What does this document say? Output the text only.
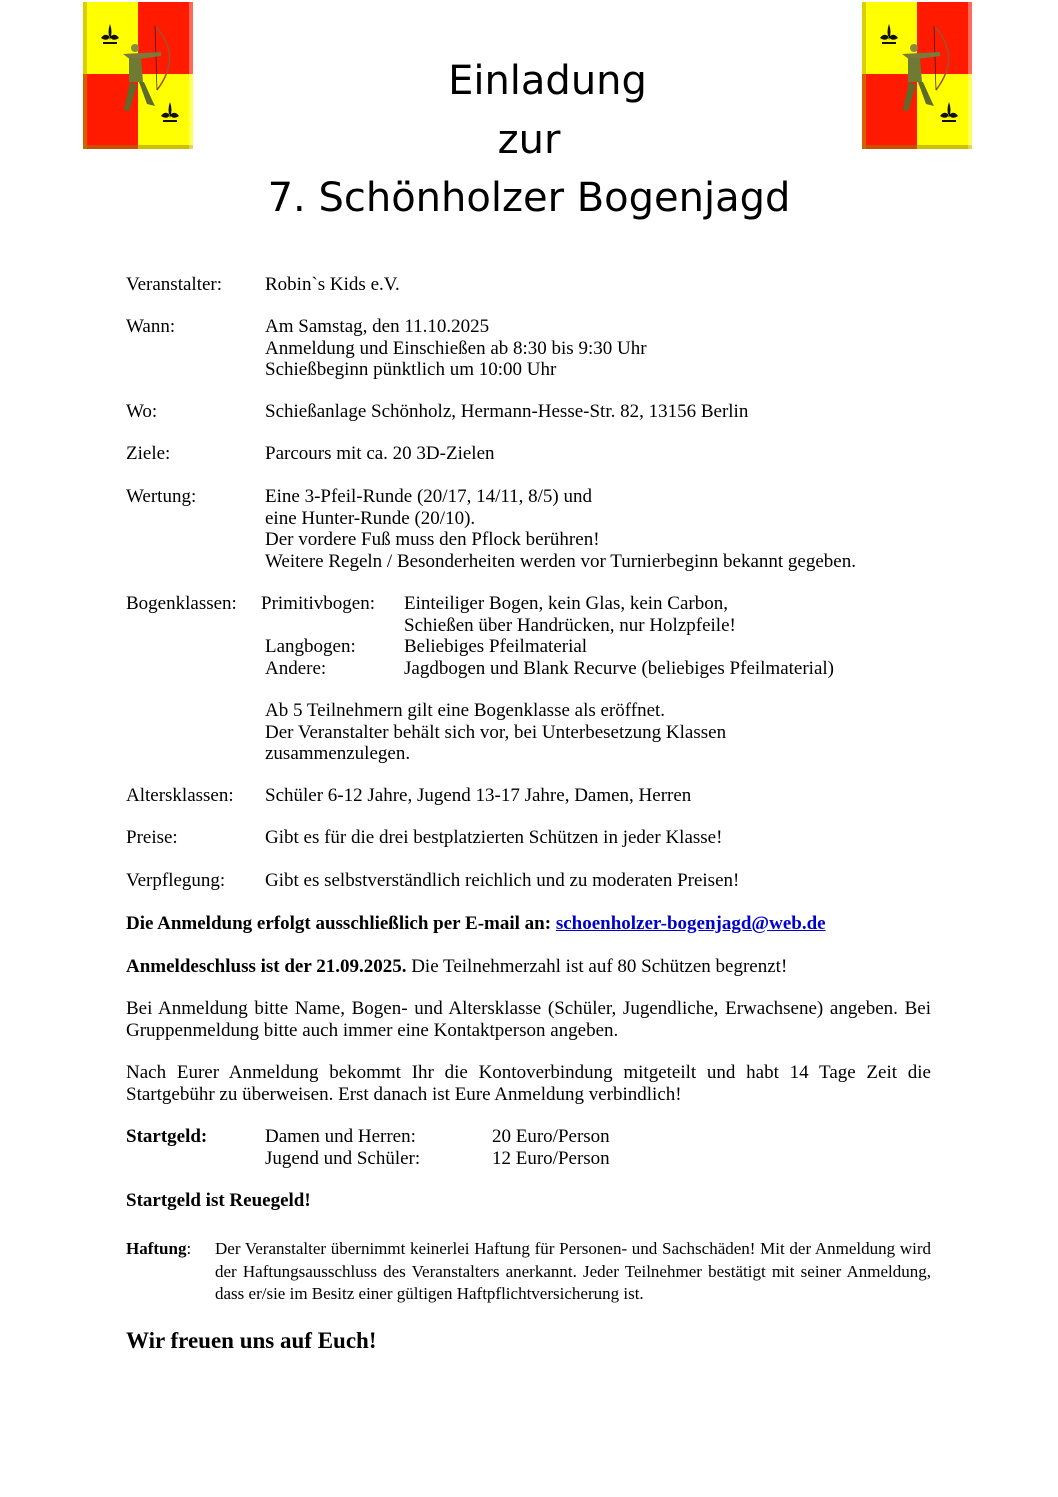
Einladung
zur
7. Schönholzer Bogenjagd
Veranstalter: Robin`s Kids e.V.
Wann:	Am Samstag, den 11.10.2025
Anmeldung und Einschießen ab 8:30 bis 9:30 Uhr
Schießbeginn pünktlich um 10:00 Uhr
Wo:	Schießanlage Schönholz, Hermann-Hesse-Str. 82, 13156 Berlin
Ziele:	Parcours mit ca. 20 3D-Zielen
Wertung:	Eine 3-Pfeil-Runde (20/17, 14/11, 8/5) und
eine Hunter-Runde (20/10).
Der vordere Fuß muss den Pflock berühren!
Weitere Regeln / Besonderheiten werden vor Turnierbeginn bekannt gegeben.
Bogenklassen: Primitivbogen: Einteiliger Bogen, kein Glas, kein Carbon,
Schießen über Handrücken, nur Holzpfeile!
Langbogen:	Beliebiges Pfeilmaterial
Andere:	Jagdbogen und Blank Recurve (beliebiges Pfeilmaterial)
Ab 5 Teilnehmern gilt eine Bogenklasse als eröffnet.
Der Veranstalter behält sich vor, bei Unterbesetzung Klassen
zusammenzulegen.
Altersklassen: Schüler 6-12 Jahre, Jugend 13-17 Jahre, Damen, Herren
Preise:	Gibt es für die drei bestplatzierten Schützen in jeder Klasse!
Verpflegung: Gibt es selbstverständlich reichlich und zu moderaten Preisen!
Die Anmeldung erfolgt ausschließlich per E-mail an: schoenholzer-bogenjagd@web.de
Anmeldeschluss ist der 21.09.2025. Die Teilnehmerzahl ist auf 80 Schützen begrenzt!
Bei Anmeldung bitte Name, Bogen- und Altersklasse (Schüler, Jugendliche, Erwachsene) angeben. Bei Gruppenmeldung bitte auch immer eine Kontaktperson angeben.
Nach Eurer Anmeldung bekommt Ihr die Kontoverbindung mitgeteilt und habt 14 Tage Zeit die Startgebühr zu überweisen. Erst danach ist Eure Anmeldung verbindlich!
Startgeld:	Damen und Herren:	20 Euro/Person
Jugend und Schüler:	12 Euro/Person
Startgeld ist Reuegeld!
Haftung: Der Veranstalter übernimmt keinerlei Haftung für Personen- und Sachschäden! Mit der Anmeldung wird der Haftungsausschluss des Veranstalters anerkannt. Jeder Teilnehmer bestätigt mit seiner Anmeldung, dass er/sie im Besitz einer gültigen Haftpflichtversicherung ist.
Wir freuen uns auf Euch!
